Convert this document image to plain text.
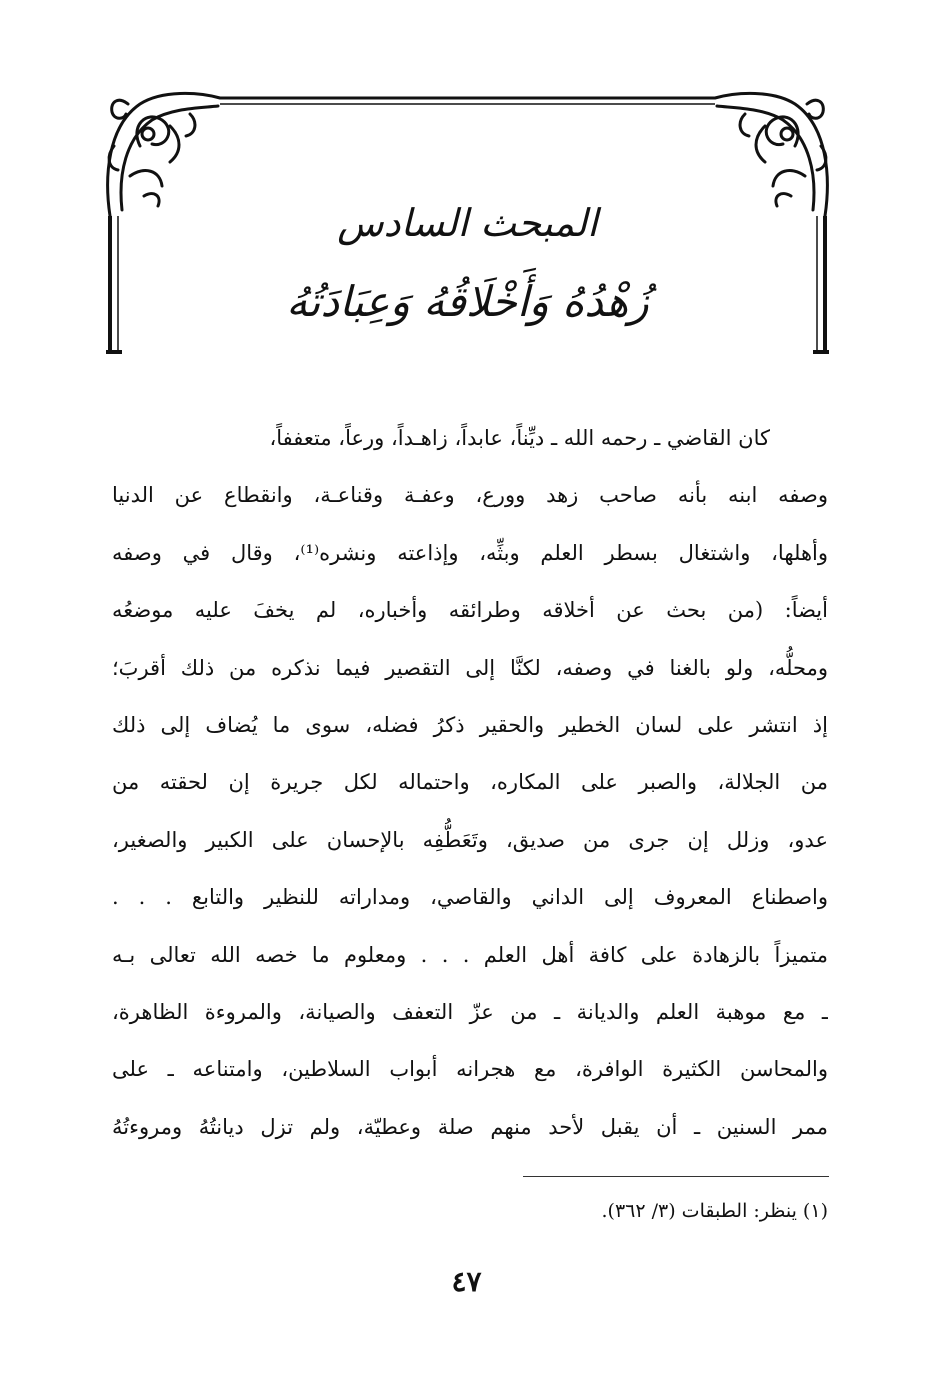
المبحث السادس
زُهْدُهُ وَأَخْلَاقُهُ وَعِبَادَتُهُ
كان القاضي ـ رحمه الله ـ ديِّناً، عابداً، زاهـداً، ورعاً، متعففاً،
وصفه ابنه بأنه صاحب زهد وورع، وعفـة وقناعـة، وانقطاع عن الدنيا
وأهلها، واشتغال بسطر العلم وبثِّه، وإذاعته ونشره⁽¹⁾، وقال في وصفه
أيضاً: (من بحث عن أخلاقه وطرائقه وأخباره، لم يخفَ عليه موضعُه
ومحلُّه، ولو بالغنا في وصفه، لكنَّا إلى التقصير فيما نذكره من ذلك أقربَ؛
إذ انتشر على لسان الخطير والحقير ذكرُ فضله، سوى ما يُضاف إلى ذلك
من الجلالة، والصبر على المكاره، واحتماله لكل جريرة إن لحقته من
عدو، وزلل إن جرى من صديق، وتَعَطُّفِه بالإحسان على الكبير والصغير،
واصطناع المعروف إلى الداني والقاصي، ومداراته للنظير والتابع . . .
متميزاً بالزهادة على كافة أهل العلم . . . ومعلوم ما خصه الله تعالى بـه
ـ مع موهبة العلم والديانة ـ من عزّ التعفف والصيانة، والمروءة الظاهرة،
والمحاسن الكثيرة الوافرة، مع هجرانه أبواب السلاطين، وامتناعه ـ على
ممر السنين ـ أن يقبل لأحد منهم صلة وعطيّة، ولم تزل ديانتُهُ ومروءتُهُ
(١) ينظر: الطبقات (٣/ ٣٦٢).
٤٧
